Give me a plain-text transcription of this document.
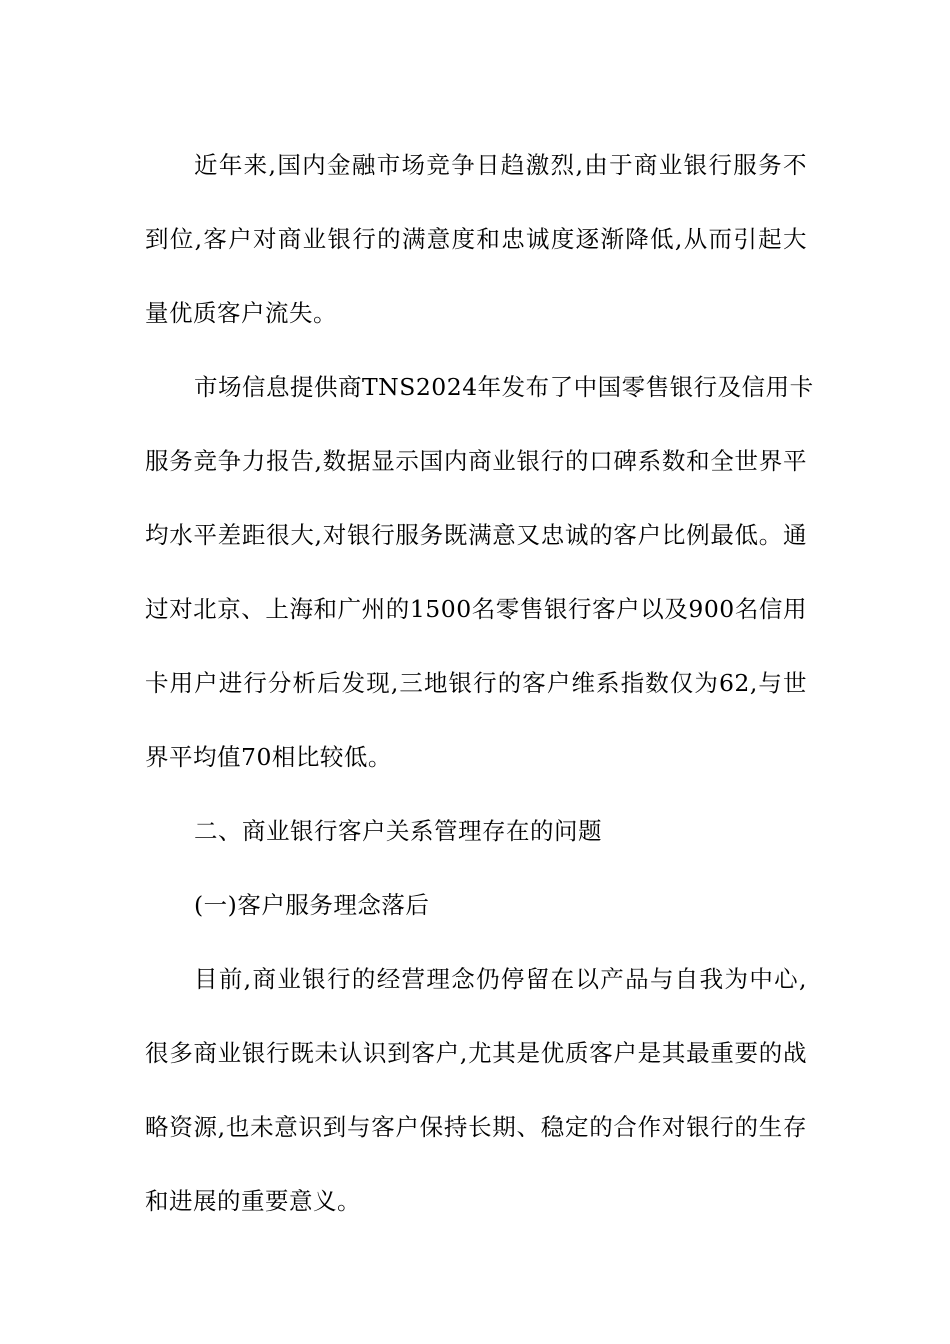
近年来,国内金融市场竞争日趋激烈,由于商业银行服务不
到位,客户对商业银行的满意度和忠诚度逐渐降低,从而引起大
量优质客户流失。
市场信息提供商TNS2024年发布了中国零售银行及信用卡
服务竞争力报告,数据显示国内商业银行的口碑系数和全世界平
均水平差距很大,对银行服务既满意又忠诚的客户比例最低。通
过对北京、上海和广州的1500名零售银行客户以及900名信用
卡用户进行分析后发现,三地银行的客户维系指数仅为62,与世
界平均值70相比较低。
二、商业银行客户关系管理存在的问题
(一)客户服务理念落后
目前,商业银行的经营理念仍停留在以产品与自我为中心,
很多商业银行既未认识到客户,尤其是优质客户是其最重要的战
略资源,也未意识到与客户保持长期、稳定的合作对银行的生存
和进展的重要意义。
